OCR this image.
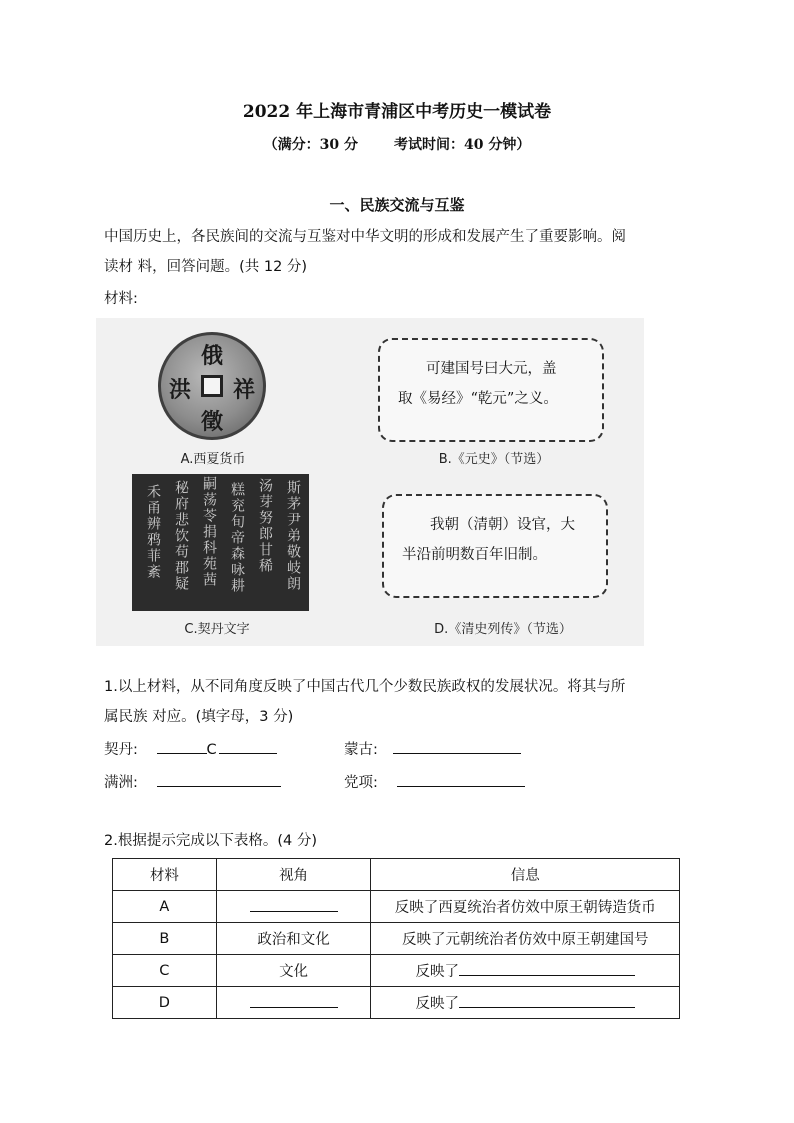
2022 年上海市青浦区中考历史一模试卷
（满分：30 分	考试时间：40 分钟）
一、民族交流与互鉴
中国历史上，各民族间的交流与互鉴对中华文明的形成和发展产生了重要影响。阅
读材 料，回答问题。(共 12 分)
材料:
俄
洪 祥
徵
A.西夏货币
可建国号曰大元，盖
取《易经》“乾元”之义。
B.《元史》（节选）
斯茅尹弟敬岐朗
汤芽努郎甘稀
糕兖旬帝森咏耕
嗣荡苓捐科苑茜
秘府悲饮苟郡疑
禾甬辨鸦菲紊
C.契丹文字
我朝（清朝）设官，大
半沿前明数百年旧制。
D.《清史列传》（节选）
1.以上材料，从不同角度反映了中国古代几个少数民族政权的发展状况。将其与所
属民族 对应。(填字母，3 分)
契丹:	C	蒙古:
满洲:	党项:
2.根据提示完成以下表格。(4 分)
材料	视角	信息
A		反映了西夏统治者仿效中原王朝铸造货币
B	政治和文化	反映了元朝统治者仿效中原王朝建国号
C	文化	反映了
D		反映了
